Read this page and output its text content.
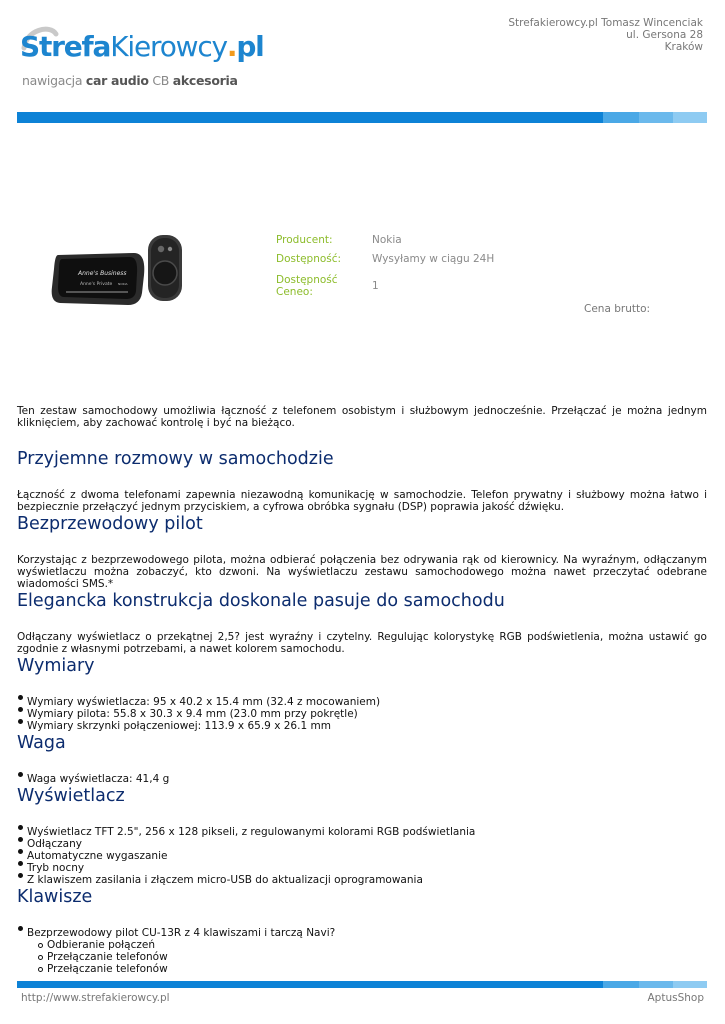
Strefakierowcy.pl Tomasz Wincenciak
ul. Gersona 28
Kraków
StrefaKierowcy.pl
nawigacja car audio CB akcesoria
Anne's Business
Anne's Private NOKIA
Producent:	Nokia
Dostępność:	Wysyłamy w ciągu 24H
Dostępność Ceneo:	1
Cena brutto:

Ten zestaw samochodowy umożliwia łączność z telefonem osobistym i służbowym jednocześnie. Przełączać je można jednym kliknięciem, aby zachować kontrolę i być na bieżąco.

Przyjemne rozmowy w samochodzie

Łączność z dwoma telefonami zapewnia niezawodną komunikację w samochodzie. Telefon prywatny i służbowy można łatwo i bezpiecznie przełączyć jednym przyciskiem, a cyfrowa obróbka sygnału (DSP) poprawia jakość dźwięku.

Bezprzewodowy pilot

Korzystając z bezprzewodowego pilota, można odbierać połączenia bez odrywania rąk od kierownicy. Na wyraźnym, odłączanym wyświetlaczu można zobaczyć, kto dzwoni. Na wyświetlaczu zestawu samochodowego można nawet przeczytać odebrane wiadomości SMS.*

Elegancka konstrukcja doskonale pasuje do samochodu

Odłączany wyświetlacz o przekątnej 2,5? jest wyraźny i czytelny. Regulując kolorystykę RGB podświetlenia, można ustawić go zgodnie z własnymi potrzebami, a nawet kolorem samochodu.

Wymiary
Wymiary wyświetlacza: 95 x 40.2 x 15.4 mm (32.4 z mocowaniem)
Wymiary pilota: 55.8 x 30.3 x 9.4 mm (23.0 mm przy pokrętle)
Wymiary skrzynki połączeniowej: 113.9 x 65.9 x 26.1 mm
Waga
Waga wyświetlacza: 41,4 g
Wyświetlacz
Wyświetlacz TFT 2.5", 256 x 128 pikseli, z regulowanymi kolorami RGB podświetlania
Odłączany
Automatyczne wygaszanie
Tryb nocny
Z klawiszem zasilania i złączem micro-USB do aktualizacji oprogramowania
Klawisze
Bezprzewodowy pilot CU-13R z 4 klawiszami i tarczą Navi?
Odbieranie połączeń
Przełączanie telefonów
Przełączanie telefonów
http://www.strefakierowcy.pl	AptusShop
